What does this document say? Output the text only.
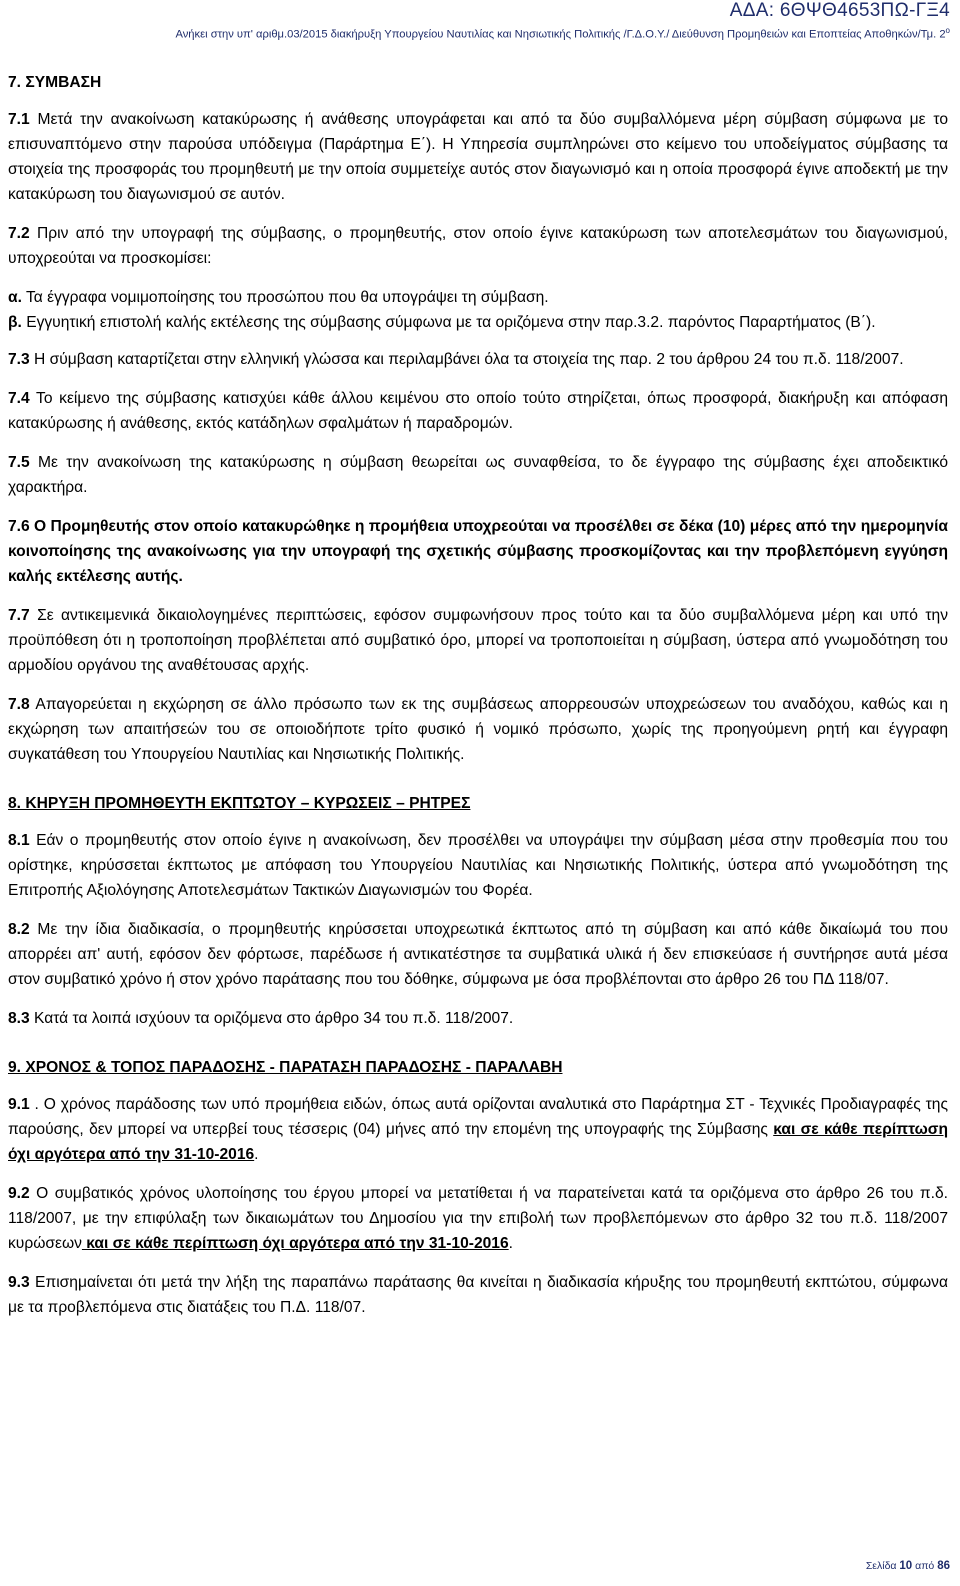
ΑΔΑ: 6ΘΨΘ4653ΠΩ-ΓΞ4
Ανήκει στην υπ' αριθμ.03/2015 διακήρυξη Υπουργείου Ναυτιλίας και Νησιωτικής Πολιτικής /Γ.Δ.Ο.Υ./ Διεύθυνση Προμηθειών και Εποπτείας Αποθηκών/Τμ. $2^o$

7. ΣΥΜΒΑΣΗ

7.1 Μετά την ανακοίνωση κατακύρωσης ή ανάθεσης υπογράφεται και από τα δύο συμβαλλόμενα μέρη σύμβαση σύμφωνα με το επισυναπτόμενο στην παρούσα υπόδειγμα (Παράρτημα Ε΄). Η Υπηρεσία συμπληρώνει στο κείμενο του υποδείγματος σύμβασης τα στοιχεία της προσφοράς του προμηθευτή με την οποία συμμετείχε αυτός στον διαγωνισμό και η οποία προσφορά έγινε αποδεκτή με την κατακύρωση του διαγωνισμού σε αυτόν.

7.2 Πριν από την υπογραφή της σύμβασης, ο προμηθευτής, στον οποίο έγινε κατακύρωση των αποτελεσμάτων του διαγωνισμού, υποχρεούται να προσκομίσει:

α. Τα έγγραφα νομιμοποίησης του προσώπου που θα υπογράψει τη σύμβαση.

β. Εγγυητική επιστολή καλής εκτέλεσης της σύμβασης σύμφωνα με τα οριζόμενα στην παρ.3.2. παρόντος Παραρτήματος (Β΄).

7.3 Η σύμβαση καταρτίζεται στην ελληνική γλώσσα και περιλαμβάνει όλα τα στοιχεία της παρ. 2 του άρθρου 24 του π.δ. 118/2007.

7.4 Το κείμενο της σύμβασης κατισχύει κάθε άλλου κειμένου στο οποίο τούτο στηρίζεται, όπως προσφορά, διακήρυξη και απόφαση κατακύρωσης ή ανάθεσης, εκτός κατάδηλων σφαλμάτων ή παραδρομών.

7.5 Με την ανακοίνωση της κατακύρωσης η σύμβαση θεωρείται ως συναφθείσα, το δε έγγραφο της σύμβασης έχει αποδεικτικό χαρακτήρα.

7.6 Ο Προμηθευτής στον οποίο κατακυρώθηκε η προμήθεια υποχρεούται να προσέλθει σε δέκα (10) μέρες από την ημερομηνία κοινοποίησης της ανακοίνωσης για την υπογραφή της σχετικής σύμβασης προσκομίζοντας και την προβλεπόμενη εγγύηση καλής εκτέλεσης αυτής.

7.7 Σε αντικειμενικά δικαιολογημένες περιπτώσεις, εφόσον συμφωνήσουν προς τούτο και τα δύο συμβαλλόμενα μέρη και υπό την προϋπόθεση ότι η τροποποίηση προβλέπεται από συμβατικό όρο, μπορεί να τροποποιείται η σύμβαση, ύστερα από γνωμοδότηση του αρμοδίου οργάνου της αναθέτουσας αρχής.

7.8 Απαγορεύεται η εκχώρηση σε άλλο πρόσωπο των εκ της συμβάσεως απορρεουσών υποχρεώσεων του αναδόχου, καθώς και η εκχώρηση των απαιτήσεών του σε οποιοδήποτε τρίτο φυσικό ή νομικό πρόσωπο, χωρίς της προηγούμενη ρητή και έγγραφη συγκατάθεση του Υπουργείου Ναυτιλίας και Νησιωτικής Πολιτικής.

8. ΚΗΡΥΞΗ ΠΡΟΜΗΘΕΥΤΗ ΕΚΠΤΩΤΟΥ – ΚΥΡΩΣΕΙΣ – ΡΗΤΡΕΣ

8.1 Εάν ο προμηθευτής στον οποίο έγινε η ανακοίνωση, δεν προσέλθει να υπογράψει την σύμβαση μέσα στην προθεσμία που του ορίστηκε, κηρύσσεται έκπτωτος με απόφαση του Υπουργείου Ναυτιλίας και Νησιωτικής Πολιτικής, ύστερα από γνωμοδότηση της Επιτροπής Αξιολόγησης Αποτελεσμάτων Τακτικών Διαγωνισμών του Φορέα.

8.2 Με την ίδια διαδικασία, ο προμηθευτής κηρύσσεται υποχρεωτικά έκπτωτος από τη σύμβαση και από κάθε δικαίωμά του που απορρέει απ' αυτή, εφόσον δεν φόρτωσε, παρέδωσε ή αντικατέστησε τα συμβατικά υλικά ή δεν επισκεύασε ή συντήρησε αυτά μέσα στον συμβατικό χρόνο ή στον χρόνο παράτασης που του δόθηκε, σύμφωνα με όσα προβλέπονται στο άρθρο 26 του ΠΔ 118/07.

8.3 Κατά τα λοιπά ισχύουν τα οριζόμενα στο άρθρο 34 του π.δ. 118/2007.

9. ΧΡΟΝΟΣ & ΤΟΠΟΣ ΠΑΡΑΔΟΣΗΣ - ΠΑΡΑΤΑΣΗ ΠΑΡΑΔΟΣΗΣ - ΠΑΡΑΛΑΒΗ

9.1 . Ο χρόνος παράδοσης των υπό προμήθεια ειδών, όπως αυτά ορίζονται αναλυτικά στο Παράρτημα ΣΤ - Τεχνικές Προδιαγραφές της παρούσης, δεν μπορεί να υπερβεί τους τέσσερις (04) μήνες από την επομένη της υπογραφής της Σύμβασης και σε κάθε περίπτωση όχι αργότερα από την 31-10-2016.

9.2 Ο συμβατικός χρόνος υλοποίησης του έργου μπορεί να μετατίθεται ή να παρατείνεται κατά τα οριζόμενα στο άρθρο 26 του π.δ. 118/2007, με την επιφύλαξη των δικαιωμάτων του Δημοσίου για την επιβολή των προβλεπόμενων στο άρθρο 32 του π.δ. 118/2007 κυρώσεων και σε κάθε περίπτωση όχι αργότερα από την 31-10-2016.

9.3 Επισημαίνεται ότι μετά την λήξη της παραπάνω παράτασης θα κινείται η διαδικασία κήρυξης του προμηθευτή εκπτώτου, σύμφωνα με τα προβλεπόμενα στις διατάξεις του Π.Δ. 118/07.

Σελίδα 10 από 86
